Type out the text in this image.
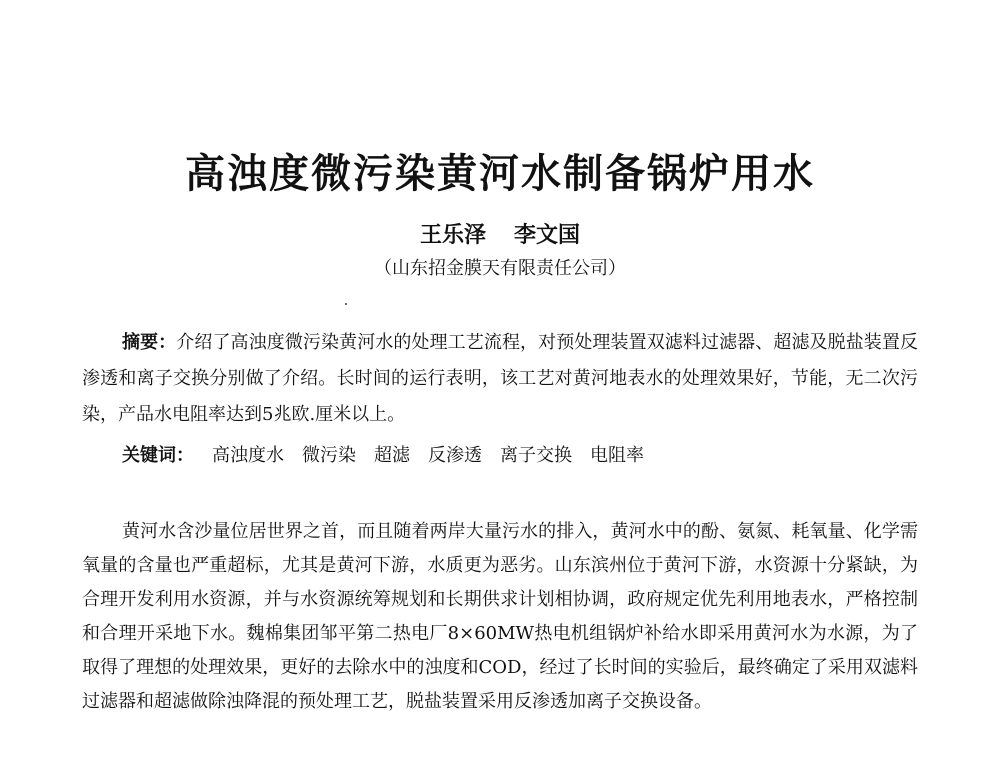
高浊度微污染黄河水制备锅炉用水
王乐泽 李文国
（山东招金膜天有限责任公司）

摘要：介绍了高浊度微污染黄河水的处理工艺流程，对预处理装置双滤料过滤器、超滤及脱盐装置反渗透和离子交换分别做了介绍。长时间的运行表明，该工艺对黄河地表水的处理效果好，节能，无二次污染，产品水电阻率达到5兆欧.厘米以上。

关键词： 高浊度水 微污染 超滤 反渗透 离子交换 电阻率

黄河水含沙量位居世界之首，而且随着两岸大量污水的排入，黄河水中的酚、氨氮、耗氧量、化学需氧量的含量也严重超标，尤其是黄河下游，水质更为恶劣。山东滨州位于黄河下游，水资源十分紧缺，为合理开发利用水资源，并与水资源统筹规划和长期供求计划相协调，政府规定优先利用地表水，严格控制和合理开采地下水。魏棉集团邹平第二热电厂8×60MW热电机组锅炉补给水即采用黄河水为水源，为了取得了理想的处理效果，更好的去除水中的浊度和COD，经过了长时间的实验后，最终确定了采用双滤料过滤器和超滤做除浊降混的预处理工艺，脱盐装置采用反渗透加离子交换设备。
